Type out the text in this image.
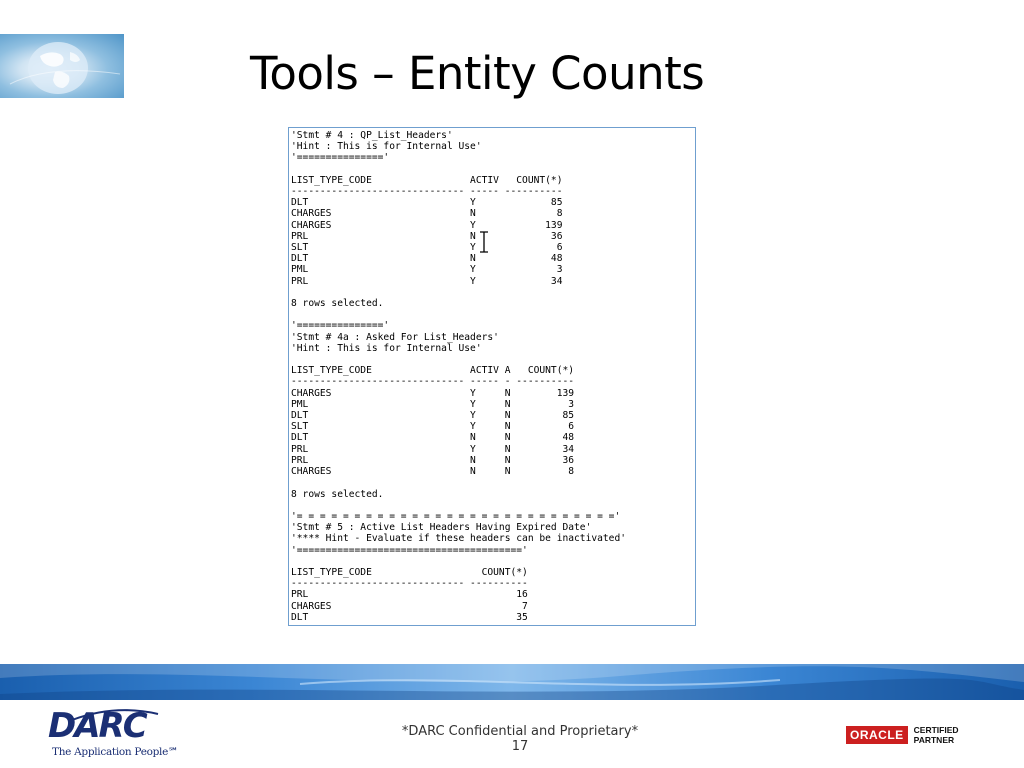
Tools – Entity Counts
'Stmt # 4 : QP_List_Headers'
'Hint : This is for Internal Use'
'==============='

LIST_TYPE_CODE                 ACTIV   COUNT(*)
------------------------------ ----- ----------
DLT                            Y             85
CHARGES                        N              8
CHARGES                        Y            139
PRL                            N             36
SLT                            Y              6
DLT                            N             48
PML                            Y              3
PRL                            Y             34

8 rows selected.

'==============='
'Stmt # 4a : Asked For List_Headers'
'Hint : This is for Internal Use'

LIST_TYPE_CODE                 ACTIV A   COUNT(*)
------------------------------ ----- - ----------
CHARGES                        Y     N        139
PML                            Y     N          3
DLT                            Y     N         85
SLT                            Y     N          6
DLT                            N     N         48
PRL                            Y     N         34
PRL                            N     N         36
CHARGES                        N     N          8

8 rows selected.

'= = = = = = = = = = = = = = = = = = = = = = = = = = = ='
'Stmt # 5 : Active List Headers Having Expired Date'
'**** Hint - Evaluate if these headers can be inactivated'
'======================================='

LIST_TYPE_CODE                   COUNT(*)
------------------------------ ----------
PRL                                    16
CHARGES                                 7
DLT                                    35
DARC
The Application People℠
*DARC Confidential and Proprietary*
17
ORACLE	CERTIFIED
PARTNER
